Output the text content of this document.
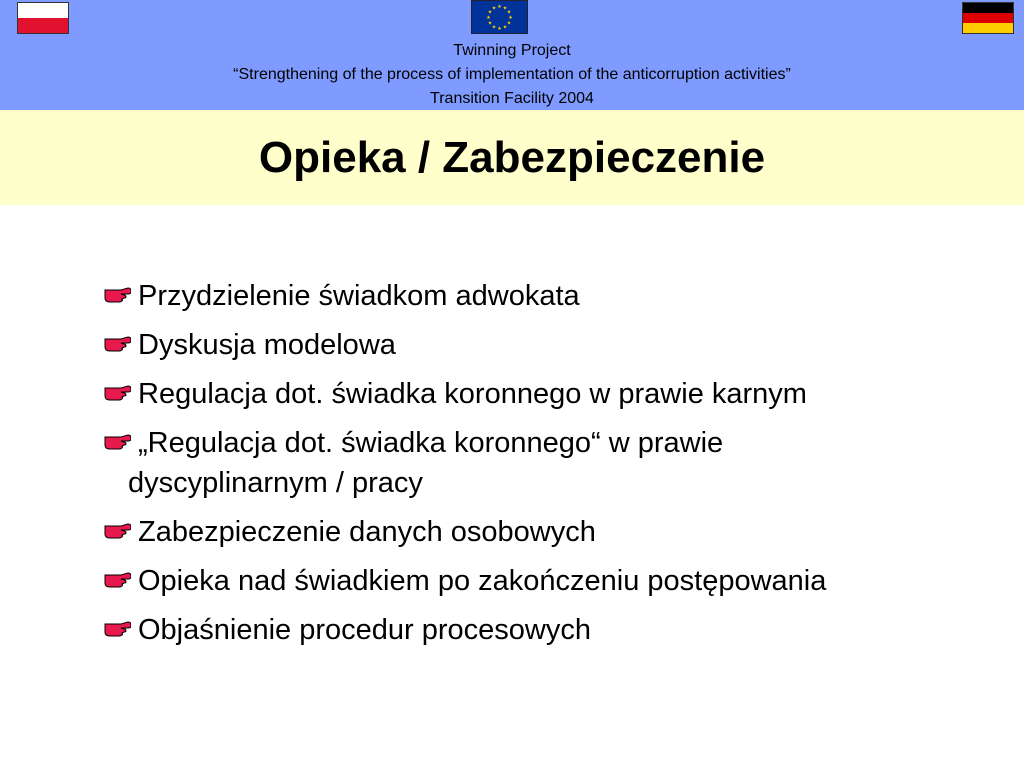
★ ★
★
★
★
★
★
★
★
★
★
★
Twinning Project
“Strengthening of the process of implementation of the anticorruption activities”
Transition Facility 2004
Opieka / Zabezpieczenie
Przydzielenie świadkom adwokata
Dyskusja modelowa
Regulacja dot. świadka koronnego w prawie karnym
„Regulacja dot. świadka koronnego“ w prawie
dyscyplinarnym / pracy
Zabezpieczenie danych osobowych
Opieka nad świadkiem po zakończeniu postępowania
Objaśnienie procedur procesowych
